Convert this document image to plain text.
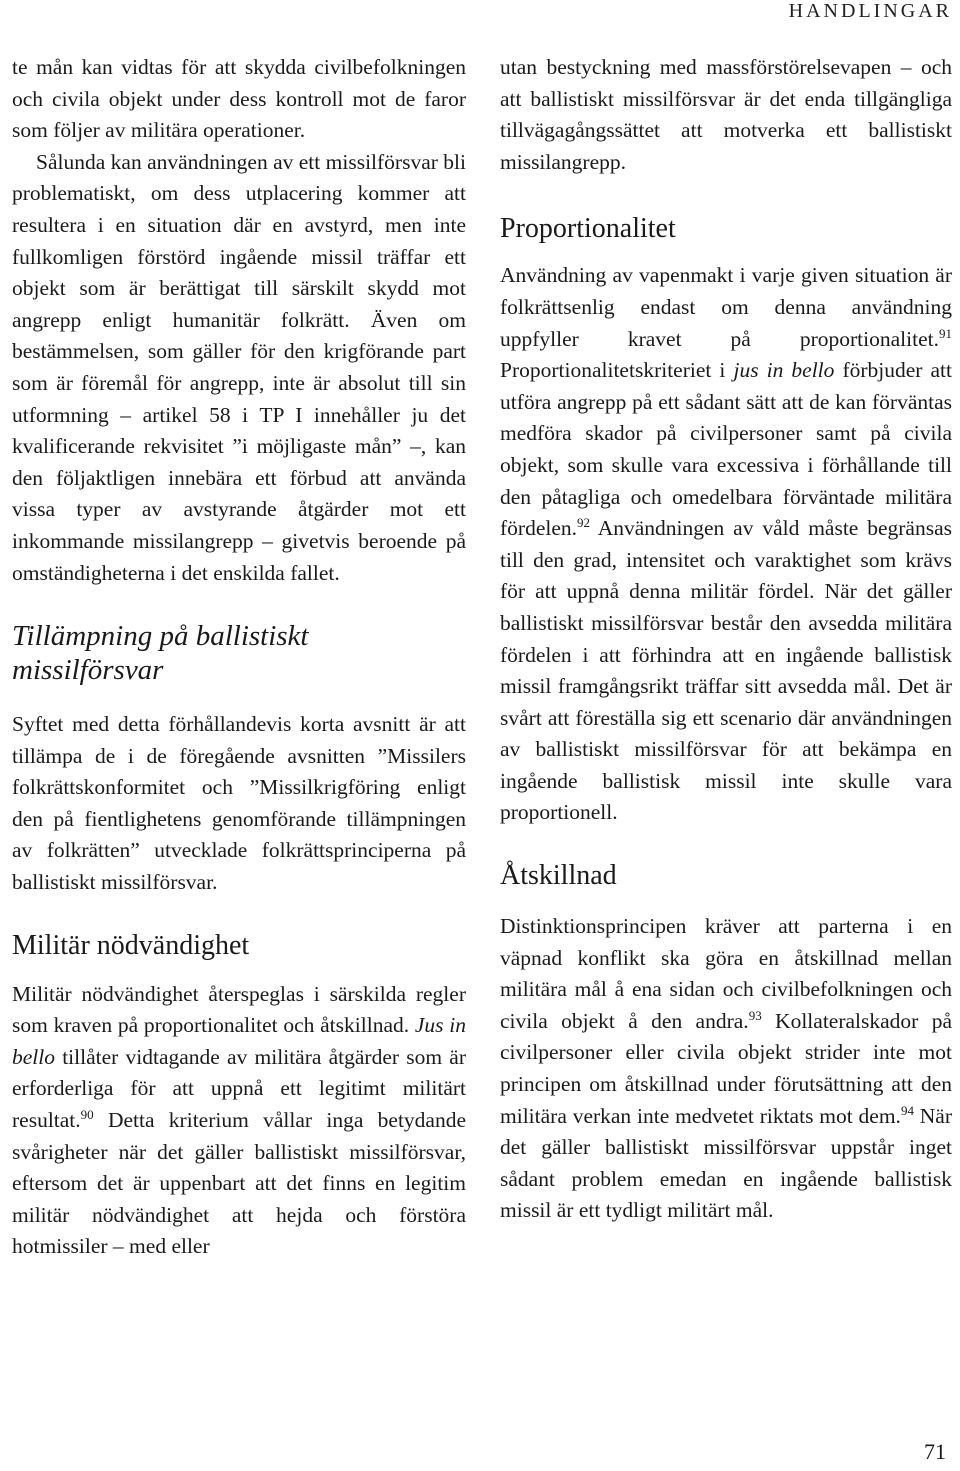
HANDLINGAR

te mån kan vidtas för att skydda civilbefolkningen och civila objekt under dess kontroll mot de faror som följer av militära operationer.

Sålunda kan användningen av ett missilförsvar bli problematiskt, om dess utplacering kommer att resultera i en situation där en avstyrd, men inte fullkomligen förstörd ingående missil träffar ett objekt som är berättigat till särskilt skydd mot angrepp enligt humanitär folkrätt. Även om bestämmelsen, som gäller för den krigförande part som är föremål för angrepp, inte är absolut till sin utformning – artikel 58 i TP I innehåller ju det kvalificerande rekvisitet ”i möjligaste mån” –, kan den följaktligen innebära ett förbud att använda vissa typer av avstyrande åtgärder mot ett inkommande missilangrepp – givetvis beroende på omständigheterna i det enskilda fallet.

Tillämpning på ballistiskt missilförsvar

Syftet med detta förhållandevis korta avsnitt är att tillämpa de i de föregående avsnitten ”Missilers folkrättskonformitet och ”Missilkrigföring enligt den på fientlighetens genomförande tillämpningen av folkrätten” utvecklade folkrättsprinciperna på ballistiskt missilförsvar.

Militär nödvändighet

Militär nödvändighet återspeglas i särskilda regler som kraven på proportionalitet och åtskillnad. Jus in bello tillåter vidtagande av militära åtgärder som är erforderliga för att uppnå ett legitimt militärt resultat.$^{90}$ Detta kriterium vållar inga betydande svårigheter när det gäller ballistiskt missilförsvar, eftersom det är uppenbart att det finns en legitim militär nödvändighet att hejda och förstöra hotmissiler – med eller

utan bestyckning med massförstörelsevapen – och att ballistiskt missilförsvar är det enda tillgängliga tillvägagångssättet att motverka ett ballistiskt missilangrepp.

Proportionalitet

Användning av vapenmakt i varje given situation är folkrättsenlig endast om denna användning uppfyller kravet på proportionalitet.$^{91}$ Proportionalitetskriteriet i jus in bello förbjuder att utföra angrepp på ett sådant sätt att de kan förväntas medföra skador på civilpersoner samt på civila objekt, som skulle vara excessiva i förhållande till den påtagliga och omedelbara förväntade militära fördelen.$^{92}$ Användningen av våld måste begränsas till den grad, intensitet och varaktighet som krävs för att uppnå denna militär fördel. När det gäller ballistiskt missilförsvar består den avsedda militära fördelen i att förhindra att en ingående ballistisk missil framgångsrikt träffar sitt avsedda mål. Det är svårt att föreställa sig ett scenario där användningen av ballistiskt missilförsvar för att bekämpa en ingående ballistisk missil inte skulle vara proportionell.

Åtskillnad

Distinktionsprincipen kräver att parterna i en väpnad konflikt ska göra en åtskillnad mellan militära mål å ena sidan och civilbefolkningen och civila objekt å den andra.$^{93}$ Kollateralskador på civilpersoner eller civila objekt strider inte mot principen om åtskillnad under förutsättning att den militära verkan inte medvetet riktats mot dem.$^{94}$ När det gäller ballistiskt missilförsvar uppstår inget sådant problem emedan en ingående ballistisk missil är ett tydligt militärt mål.

71
